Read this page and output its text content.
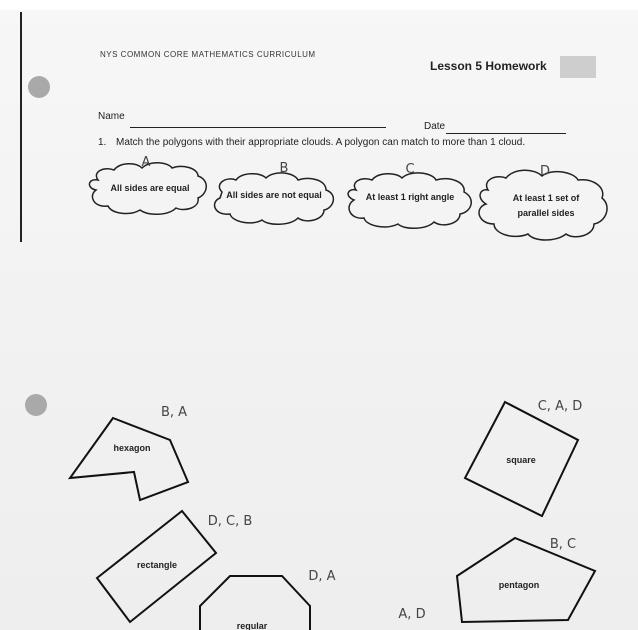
NYS COMMON CORE MATHEMATICS CURRICULUM
Lesson 5 Homework
Name
Date
1. Match the polygons with their appropriate clouds. A polygon can match to more than 1 cloud.
All sides are equal
A
All sides are not equal
B
At least 1 right angle
C
At least 1 set of
parallel sides
D
hexagon
B, A
square
C, A, D
rectangle
D, C, B
regular
D, A
pentagon
B, C
A, D
